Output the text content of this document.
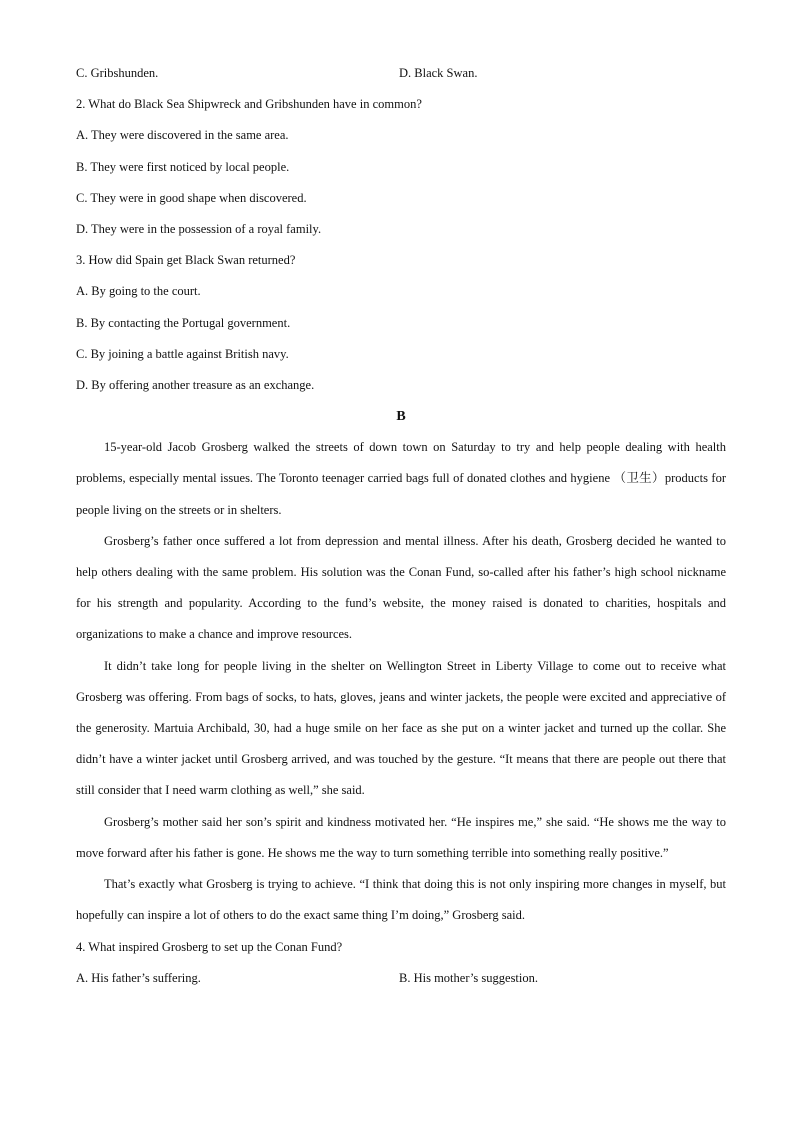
C. Gribshunden.	D. Black Swan.
2. What do Black Sea Shipwreck and Gribshunden have in common?
A. They were discovered in the same area.
B. They were first noticed by local people.
C. They were in good shape when discovered.
D. They were in the possession of a royal family.
3. How did Spain get Black Swan returned?
A. By going to the court.
B. By contacting the Portugal government.
C. By joining a battle against British navy.
D. By offering another treasure as an exchange.
B

15-year-old Jacob Grosberg walked the streets of down town on Saturday to try and help people dealing with health problems, especially mental issues. The Toronto teenager carried bags full of donated clothes and hygiene （卫生）products for people living on the streets or in shelters.

Grosberg’s father once suffered a lot from depression and mental illness. After his death, Grosberg decided he wanted to help others dealing with the same problem. His solution was the Conan Fund, so-called after his father’s high school nickname for his strength and popularity. According to the fund’s website, the money raised is donated to charities, hospitals and organizations to make a chance and improve resources.

It didn’t take long for people living in the shelter on Wellington Street in Liberty Village to come out to receive what Grosberg was offering. From bags of socks, to hats, gloves, jeans and winter jackets, the people were excited and appreciative of the generosity. Martuia Archibald, 30, had a huge smile on her face as she put on a winter jacket and turned up the collar. She didn’t have a winter jacket until Grosberg arrived, and was touched by the gesture. “It means that there are people out there that still consider that I need warm clothing as well,” she said.

Grosberg’s mother said her son’s spirit and kindness motivated her. “He inspires me,” she said. “He shows me the way to move forward after his father is gone. He shows me the way to turn something terrible into something really positive.”

That’s exactly what Grosberg is trying to achieve. “I think that doing this is not only inspiring more changes in myself, but hopefully can inspire a lot of others to do the exact same thing I’m doing,” Grosberg said.

4. What inspired Grosberg to set up the Conan Fund?
A. His father’s suffering.	B. His mother’s suggestion.
